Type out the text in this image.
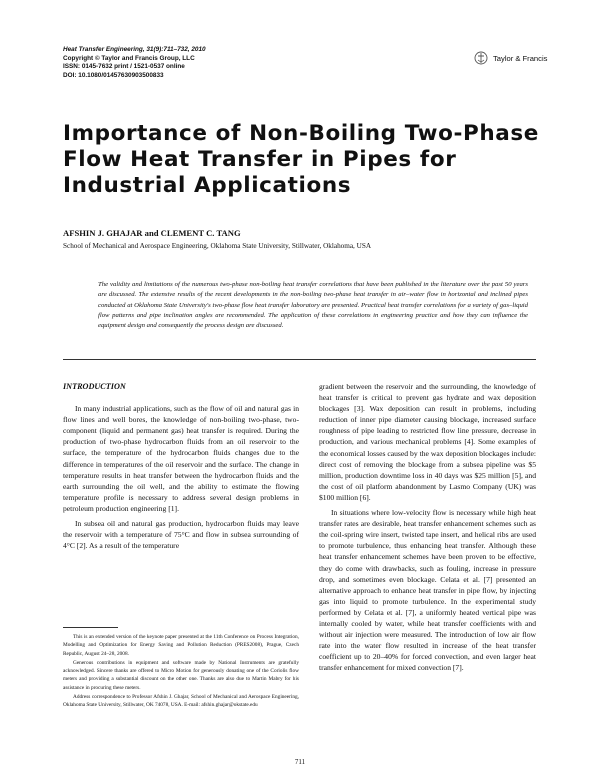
Heat Transfer Engineering, 31(9):711–732, 2010
Copyright © Taylor and Francis Group, LLC
ISSN: 0145-7632 print / 1521-0537 online
DOI: 10.1080/01457630903500833
Taylor & Francis
Importance of Non-Boiling Two-Phase
Flow Heat Transfer in Pipes for
Industrial Applications
AFSHIN J. GHAJAR and CLEMENT C. TANG
School of Mechanical and Aerospace Engineering, Oklahoma State University, Stillwater, Oklahoma, USA
The validity and limitations of the numerous two-phase non-boiling heat transfer correlations that have been published in the literature over the past 50 years are discussed. The extensive results of the recent developments in the non-boiling two-phase heat transfer in air–water flow in horizontal and inclined pipes conducted at Oklahoma State University's two-phase flow heat transfer laboratory are presented. Practical heat transfer correlations for a variety of gas–liquid flow patterns and pipe inclination angles are recommended. The application of these correlations in engineering practice and how they can influence the equipment design and consequently the process design are discussed.
INTRODUCTION

In many industrial applications, such as the flow of oil and natural gas in flow lines and well bores, the knowledge of non-boiling two-phase, two-component (liquid and permanent gas) heat transfer is required. During the production of two-phase hydrocarbon fluids from an oil reservoir to the surface, the temperature of the hydrocarbon fluids changes due to the difference in temperatures of the oil reservoir and the surface. The change in temperature results in heat transfer between the hydrocarbon fluids and the earth surrounding the oil well, and the ability to estimate the flowing temperature profile is necessary to address several design problems in petroleum production engineering [1].

In subsea oil and natural gas production, hydrocarbon fluids may leave the reservoir with a temperature of 75°C and flow in subsea surrounding of 4°C [2]. As a result of the temperature

gradient between the reservoir and the surrounding, the knowledge of heat transfer is critical to prevent gas hydrate and wax deposition blockages [3]. Wax deposition can result in problems, including reduction of inner pipe diameter causing blockage, increased surface roughness of pipe leading to restricted flow line pressure, decrease in production, and various mechanical problems [4]. Some examples of the economical losses caused by the wax deposition blockages include: direct cost of removing the blockage from a subsea pipeline was $5 million, production downtime loss in 40 days was $25 million [5], and the cost of oil platform abandonment by Lasmo Company (UK) was $100 million [6].

In situations where low-velocity flow is necessary while high heat transfer rates are desirable, heat transfer enhancement schemes such as the coil-spring wire insert, twisted tape insert, and helical ribs are used to promote turbulence, thus enhancing heat transfer. Although these heat transfer enhancement schemes have been proven to be effective, they do come with drawbacks, such as fouling, increase in pressure drop, and sometimes even blockage. Celata et al. [7] presented an alternative approach to enhance heat transfer in pipe flow, by injecting gas into liquid to promote turbulence. In the experimental study performed by Celata et al. [7], a uniformly heated vertical pipe was internally cooled by water, while heat transfer coefficients with and without air injection were measured. The introduction of low air flow rate into the water flow resulted in increase of the heat transfer coefficient up to 20–40% for forced convection, and even larger heat transfer enhancement for mixed convection [7].

This is an extended version of the keynote paper presented at the 11th Conference on Process Integration, Modelling and Optimization for Energy Saving and Pollution Reduction (PRES2008), Prague, Czech Republic, August 24–28, 2008.

Generous contributions in equipment and software made by National Instruments are gratefully acknowledged. Sincere thanks are offered to Micro Motion for generously donating one of the Coriolis flow meters and providing a substantial discount on the other one. Thanks are also due to Martin Mabry for his assistance in procuring these meters.

Address correspondence to Professor Afshin J. Ghajar, School of Mechanical and Aerospace Engineering, Oklahoma State University, Stillwater, OK 74078, USA. E-mail: afshin.ghajar@okstate.edu

711
